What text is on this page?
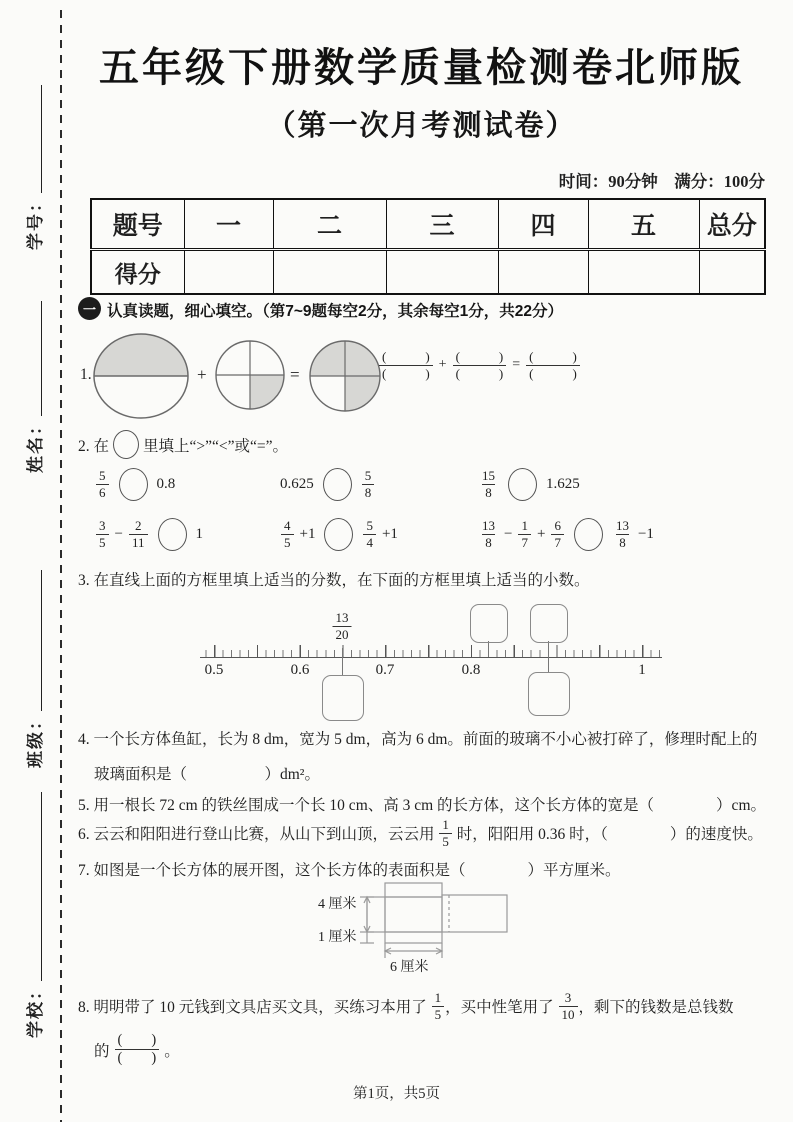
学号：
姓名：
班级：
学校：
五年级下册数学质量检测卷北师版
（第一次月考测试卷）
时间：90分钟　满分：100分
题号	一	二	三	四	五	总分
得分						
一 认真读题，细心填空。（第7~9题每空2分，其余每空1分，共22分）
1.	+	=	$\frac{( )}{( )} + \frac{( )}{( )} = \frac{( )}{( )}$
2. 在 里填上“>”“<”或“=”。
$\frac{5}{6}$	0.8	0.625	$\frac{5}{8}$	$\frac{15}{8}$	1.625
$\frac{3}{5} - \frac{2}{11}$	1	$\frac{4}{5} +1$	$\frac{5}{4} +1$	$\frac{13}{8} - \frac{1}{7} + \frac{6}{7}$	$\frac{13}{8} -1$
3. 在直线上面的方框里填上适当的分数，在下面的方框里填上适当的小数。
0.5	0.6	0.7	0.8	1
$\frac{13}{20}$
4. 一个长方体鱼缸，长为 8 dm，宽为 5 dm，高为 6 dm。前面的玻璃不小心被打碎了，修理时配上的
玻璃面积是（　　　　　）dm²。
5. 用一根长 72 cm 的铁丝围成一个长 10 cm、高 3 cm 的长方体，这个长方体的宽是（　　　　）cm。
6. 云云和阳阳进行登山比赛，从山下到山顶，云云用 $\frac{1}{5}$ 时，阳阳用 0.36 时，（　　　　）的速度快。
7. 如图是一个长方体的展开图，这个长方体的表面积是（　　　　）平方厘米。
4 厘米
1 厘米
6 厘米
8. 明明带了 10 元钱到文具店买文具，买练习本用了 $\frac{1}{5}$ ，买中性笔用了 $\frac{3}{10}$ ，剩下的钱数是总钱数
的 $\frac{( )}{( )}$ 。
第1页，共5页
